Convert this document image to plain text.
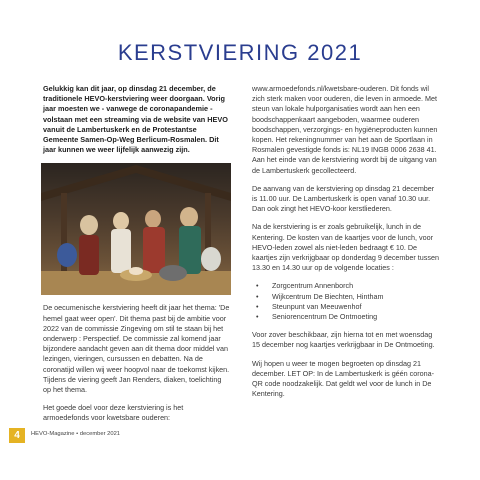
KERSTVIERING 2021

Gelukkig kan dit jaar, op dinsdag 21 december, de traditionele HEVO-kerstviering weer doorgaan. Vorig jaar moesten we - vanwege de coronapandemie - volstaan met een streaming via de website van HEVO vanuit de Lambertuskerk en de Protestantse Gemeente Samen-Op-Weg Berlicum-Rosmalen. Dit jaar kunnen we weer lijfelijk aanwezig zijn.

De oecumenische kerstviering heeft dit jaar het thema: 'De hemel gaat weer open'. Dit thema past bij de ambitie voor 2022 van de commissie Zingeving om stil te staan bij het onderwerp : Perspectief. De commissie zal komend jaar bijzondere aandacht geven aan dit thema door middel van lezingen, vieringen, cursussen en debatten. Na de coronatijd willen wij weer hoopvol naar de toekomst kijken. Tijdens de viering geeft Jan Renders, diaken, toelichting op het thema.

Het goede doel voor deze kerstviering is het armoedefonds voor kwetsbare ouderen:

www.armoedefonds.nl/kwetsbare-ouderen. Dit fonds wil zich sterk maken voor ouderen, die leven in armoede. Met steun van lokale hulporganisaties wordt aan hen een boodschappenkaart aangeboden, waarmee ouderen boodschappen, verzorgings- en hygiëneproducten kunnen kopen. Het rekeningnummer van het aan de Sportlaan in Rosmalen gevestigde fonds is: NL19 INGB 0006 2638 41. Aan het einde van de kerstviering wordt bij de uitgang van de Lambertuskerk gecollecteerd.

De aanvang van de kerstviering op dinsdag 21 december is 11.00 uur. De Lambertuskerk is open vanaf 10.30 uur. Dan ook zingt het HEVO-koor kerstliederen.

Na de kerstviering is er zoals gebruikelijk, lunch in de Kentering. De kosten van de kaartjes voor de lunch, voor HEVO-leden zowel als niet-leden bedraagt € 10. De kaartjes zijn verkrijgbaar op donderdag 9 december tussen 13.30 en 14.30 uur op de volgende locaties :

• Zorgcentrum Annenborch
• Wijkcentrum De Biechten, Hintham
• Steunpunt van Meeuwenhof
• Seniorencentrum De Ontmoeting

Voor zover beschikbaar, zijn hierna tot en met woensdag 15 december nog kaartjes verkrijgbaar in De Ontmoeting.

Wij hopen u weer te mogen begroeten op dinsdag 21 december. LET OP: In de Lambertuskerk is géén corona-QR code noodzakelijk. Dat geldt wel voor de lunch in De Kentering.

4	HEVO-Magazine • december 2021
